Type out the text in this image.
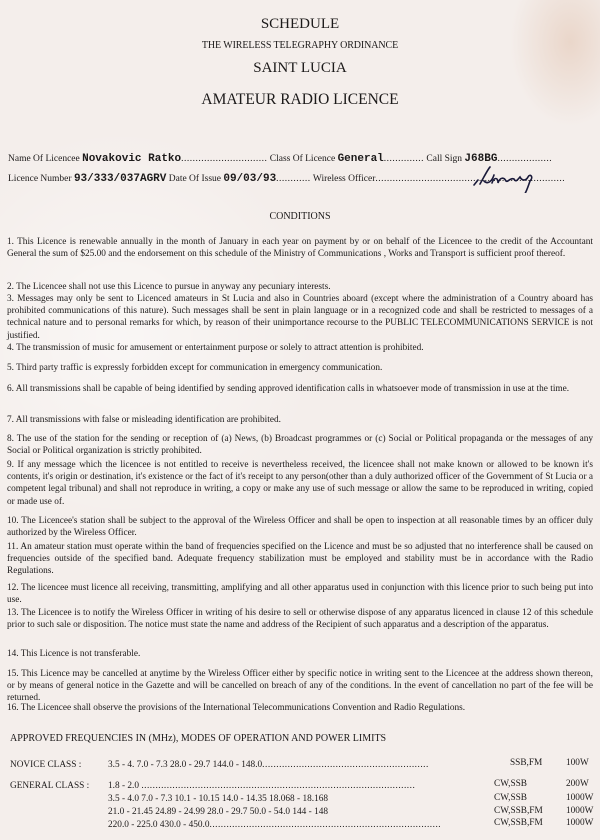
SCHEDULE
THE WIRELESS TELEGRAPHY ORDINANCE
SAINT LUCIA
AMATEUR RADIO LICENCE
Name Of Licencee Novakovic Ratko.............................. Class Of Licence General.............. Call Sign J68BG...................
Licence Number 93/333/037AGRV Date Of Issue 09/03/93............ Wireless Officer..................................................................
CONDITIONS
1. This Licence is renewable annually in the month of January in each year on payment by or on behalf of the Licencee to the credit of the Accountant General the sum of $25.00 and the endorsement on this schedule of the Ministry of Communications , Works and Transport is sufficient proof thereof.
2. The Licencee shall not use this Licence to pursue in anyway any pecuniary interests.
3. Messages may only be sent to Licenced amateurs in St Lucia and also in Countries aboard (except where the administration of a Country aboard has prohibited communications of this nature). Such messages shall be sent in plain language or in a recognized code and shall be restricted to messages of a technical nature and to personal remarks for which, by reason of their unimportance recourse to the PUBLIC TELECOMMUNICATIONS SERVICE is not justified.
4. The transmission of music for amusement or entertainment purpose or solely to attract attention is prohibited.
5. Third party traffic is expressly forbidden except for communication in emergency communication.
6. All transmissions shall be capable of being identified by sending approved identification calls in whatsoever mode of transmission in use at the time.
7. All transmissions with false or misleading identification are prohibited.
8. The use of the station for the sending or reception of (a) News, (b) Broadcast programmes or (c) Social or Political propaganda or the messages of any Social or Political organization is strictly prohibited.
9. If any message which the licencee is not entitled to receive is nevertheless received, the licencee shall not make known or allowed to be known it's contents, it's origin or destination, it's existence or the fact of it's receipt to any person(other than a duly authorized officer of the Government of St Lucia or a competent legal tribunal) and shall not reproduce in writing, a copy or make any use of such message or allow the same to be reproduced in writing, copied or made use of.
10. The Licencee's station shall be subject to the approval of the Wireless Officer and shall be open to inspection at all reasonable times by an officer duly authorized by the Wireless Officer.
11. An amateur station must operate within the band of frequencies specified on the Licence and must be so adjusted that no interference shall be caused on frequencies outside of the specified band. Adequate frequency stabilization must be employed and stability must be in accordance with the Radio Regulations.
12. The licencee must licence all receiving, transmitting, amplifying and all other apparatus used in conjunction with this licence prior to such being put into use.
13. The Licencee is to notify the Wireless Officer in writing of his desire to sell or otherwise dispose of any apparatus licenced in clause 12 of this schedule prior to such sale or disposition. The notice must state the name and address of the Recipient of such apparatus and a description of the apparatus.
14. This Licence is not transferable.
15. This Licence may be cancelled at anytime by the Wireless Officer either by specific notice in writing sent to the Licencee at the address shown thereon, or by means of general notice in the Gazette and will be cancelled on breach of any of the conditions. In the event of cancellation no part of the fee will be returned.
16. The Licencee shall observe the provisions of the International Telecommunications Convention and Radio Regulations.
APPROVED FREQUENCIES IN (MHz), MODES OF OPERATION AND POWER LIMITS
NOVICE CLASS :	3.5 - 4. 7.0 - 7.3 28.0 - 29.7 144.0 - 148.0...........................................................	SSB,FM	100W
GENERAL CLASS : 1.8 - 2.0 .................................................................................................	CW,SSB	200W
3.5 - 4.0 7.0 - 7.3 10.1 - 10.15 14.0 - 14.35 18.068 - 18.168	CW,SSB	1000W
21.0 - 21.45 24.89 - 24.99 28.0 - 29.7 50.0 - 54.0 144 - 148	CW,SSB,FM	1000W
220.0 - 225.0 430.0 - 450.0..................................................................................	CW,SSB,FM	1000W
